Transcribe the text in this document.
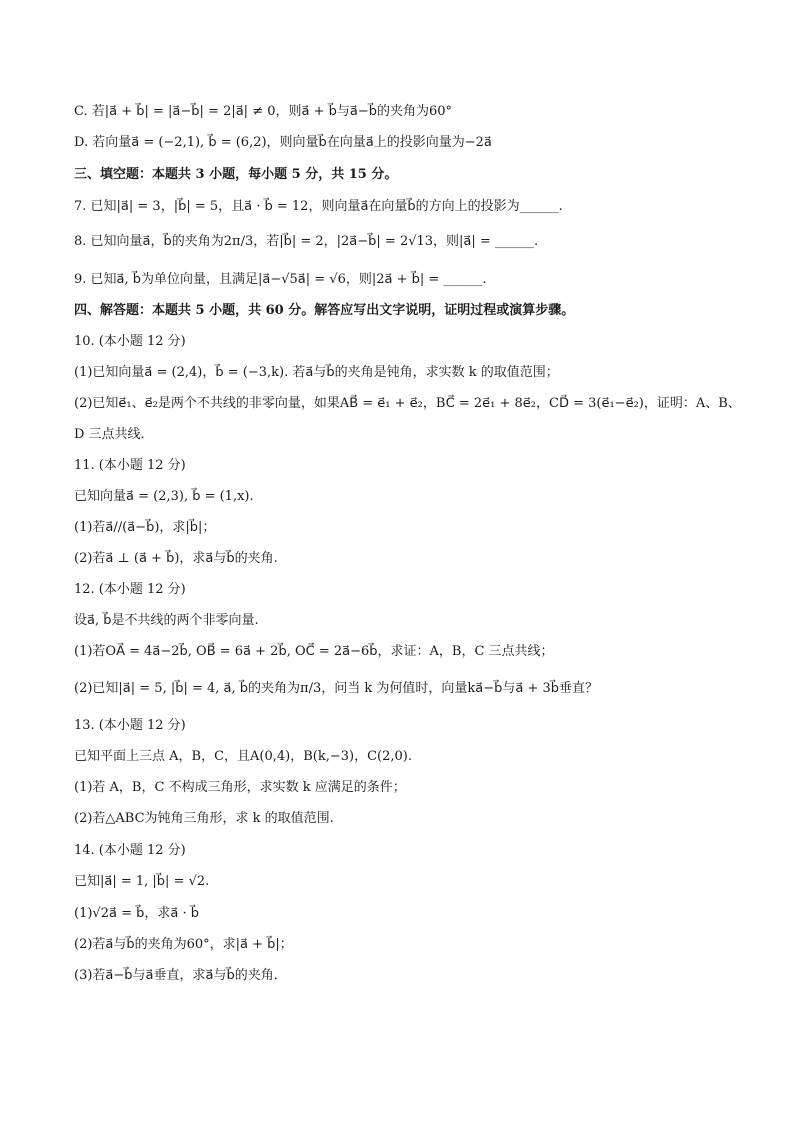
C. 若|a⃗ + b⃗| = |a⃗−b⃗| = 2|a⃗| ≠ 0，则a⃗ + b⃗与a⃗−b⃗的夹角为60°
D. 若向量a⃗ = (−2,1), b⃗ = (6,2)，则向量b⃗在向量a⃗上的投影向量为−2a⃗
三、填空题：本题共 3 小题，每小题 5 分，共 15 分。
7. 已知|a⃗| = 3，|b⃗| = 5，且a⃗ · b⃗ = 12，则向量a⃗在向量b⃗的方向上的投影为______.
8. 已知向量a⃗，b⃗的夹角为2π/3，若|b⃗| = 2，|2a⃗−b⃗| = 2√13，则|a⃗| = ______.
9. 已知a⃗, b⃗为单位向量，且满足|a⃗−√5a⃗| = √6，则|2a⃗ + b⃗| = ______.
四、解答题：本题共 5 小题，共 60 分。解答应写出文字说明，证明过程或演算步骤。
10. (本小题 12 分)
(1)已知向量a⃗ = (2,4)，b⃗ = (−3,k). 若a⃗与b⃗的夹角是钝角，求实数 k 的取值范围；
(2)已知e⃗₁、e⃗₂是两个不共线的非零向量，如果AB⃗ = e⃗₁ + e⃗₂，BC⃗ = 2e⃗₁ + 8e⃗₂，CD⃗ = 3(e⃗₁−e⃗₂)，证明：A、B、
D 三点共线．
11. (本小题 12 分)
已知向量a⃗ = (2,3), b⃗ = (1,x).
(1)若a⃗//(a⃗−b⃗)，求|b⃗|；
(2)若a⃗ ⊥ (a⃗ + b⃗)，求a⃗与b⃗的夹角.
12. (本小题 12 分)
设a⃗, b⃗是不共线的两个非零向量.
(1)若OA⃗ = 4a⃗−2b⃗, OB⃗ = 6a⃗ + 2b⃗, OC⃗ = 2a⃗−6b⃗，求证：A，B，C 三点共线；
(2)已知|a⃗| = 5, |b⃗| = 4, a⃗, b⃗的夹角为π/3，问当 k 为何值时，向量ka⃗−b⃗与a⃗ + 3b⃗垂直？
13. (本小题 12 分)
已知平面上三点 A，B，C，且A(0,4)，B(k,−3)，C(2,0).
(1)若 A，B，C 不构成三角形，求实数 k 应满足的条件；
(2)若△ABC为钝角三角形，求 k 的取值范围.
14. (本小题 12 分)
已知|a⃗| = 1, |b⃗| = √2.
(1)√2a⃗ = b⃗，求a⃗ · b⃗
(2)若a⃗与b⃗的夹角为60°，求|a⃗ + b⃗|；
(3)若a⃗−b⃗与a⃗垂直，求a⃗与b⃗的夹角．
